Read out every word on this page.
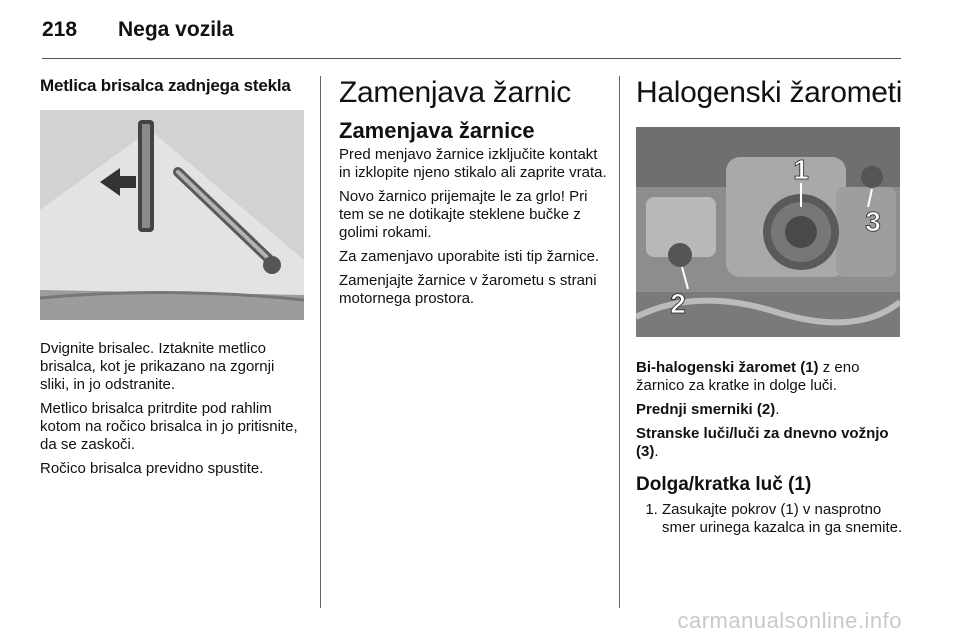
218 Nega vozila
Metlica brisalca zadnjega stekla

Dvignite brisalec. Iztaknite metlico brisalca, kot je prikazano na zgornji sliki, in jo odstranite.

Metlico brisalca pritrdite pod rahlim kotom na ročico brisalca in jo pritisnite, da se zaskoči.

Ročico brisalca previdno spustite.

Zamenjava žarnic
Zamenjava žarnice

Pred menjavo žarnice izključite kontakt in izklopite njeno stikalo ali zaprite vrata.

Novo žarnico prijemajte le za grlo! Pri tem se ne dotikajte steklene bučke z golimi rokami.

Za zamenjavo uporabite isti tip žarnice.

Zamenjajte žarnice v žarometu s strani motornega prostora.

Halogenski žarometi
1
2
3

Bi-halogenski žaromet (1) z eno žarnico za kratke in dolge luči.

Prednji smerniki (2).

Stranske luči/luči za dnevno vožnjo (3).

Dolga/kratka luč (1)
1. Zasukajte pokrov (1) v nasprotno smer urinega kazalca in ga snemite.
carmanualsonline.info
